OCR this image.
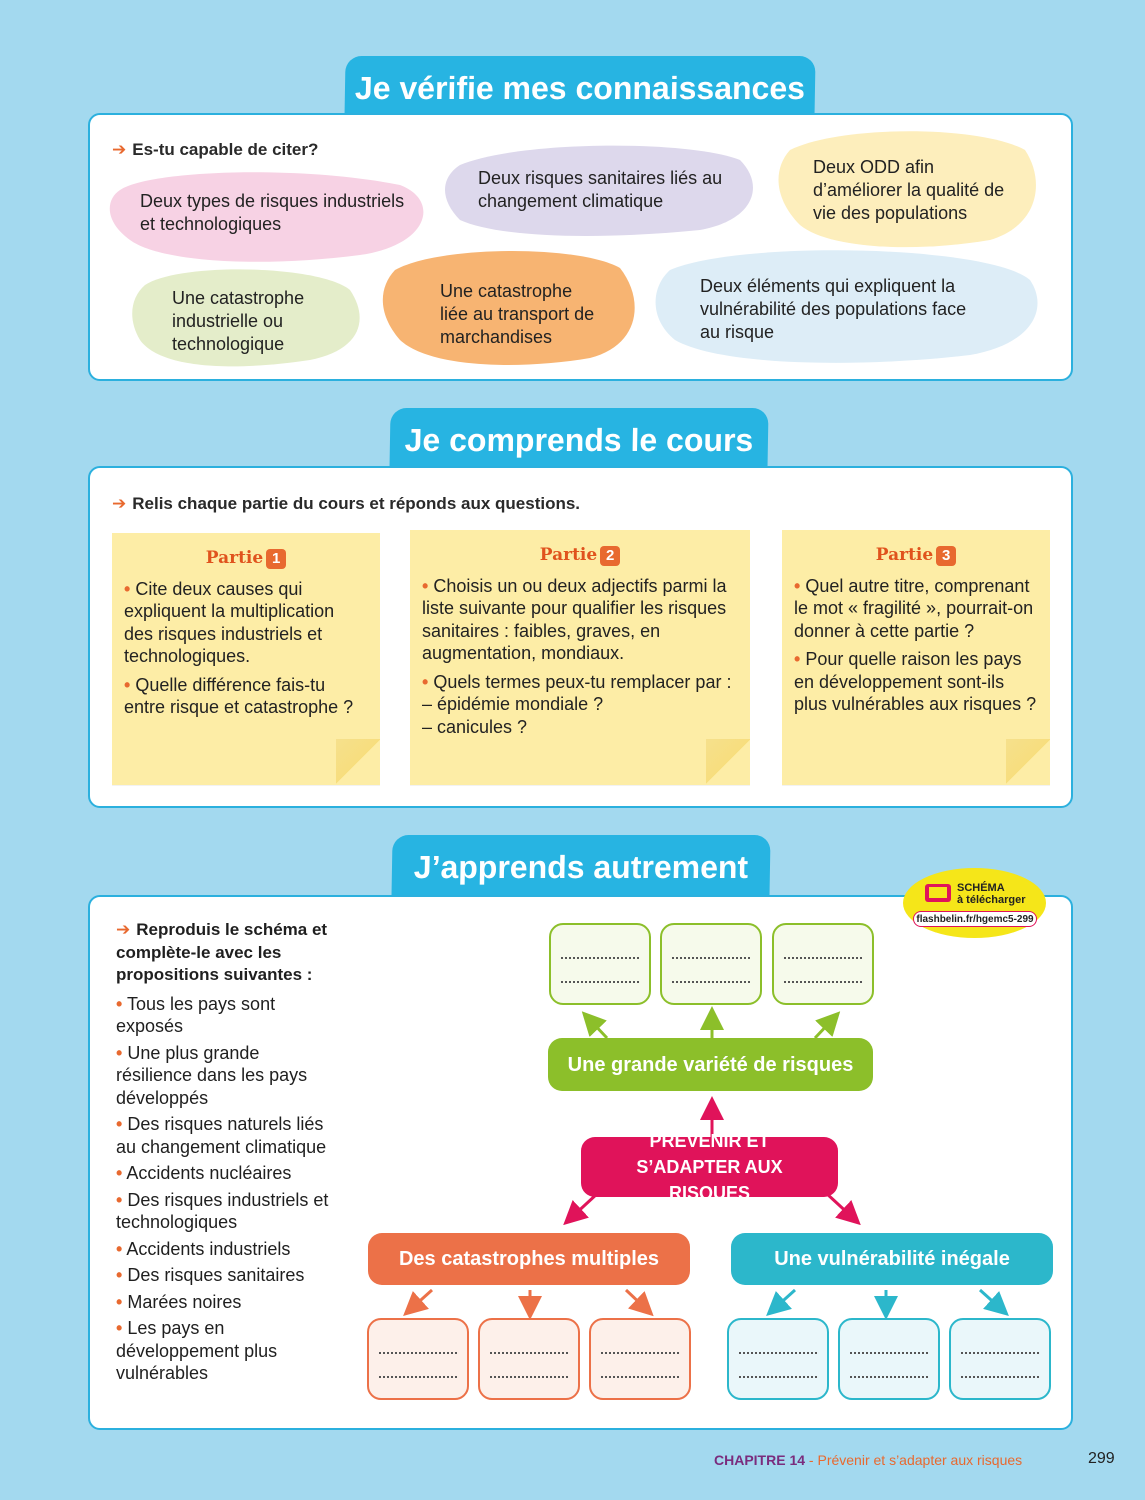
Je vérifie mes connaissances
➔ Es-tu capable de citer?
Deux types de risques industriels et technologiques
Deux risques sanitaires liés au changement climatique
Deux ODD afin d’améliorer la qualité de vie des populations
Une catastrophe industrielle ou technologique
Une catastrophe liée au transport de marchandises
Deux éléments qui expliquent la vulnérabilité des populations face au risque
Je comprends le cours
➔ Relis chaque partie du cours et réponds aux questions.
Partie 1

• Cite deux causes qui expliquent la multiplication des risques industriels et technologiques.

• Quelle différence fais-tu entre risque et catastrophe ?

Partie 2

• Choisis un ou deux adjectifs parmi la liste suivante pour qualifier les risques sanitaires : faibles, graves, en augmentation, mondiaux.

• Quels termes peux-tu remplacer par :

– épidémie mondiale ?
– canicules ?
Partie 3

• Quel autre titre, comprenant le mot « fragilité », pourrait-on donner à cette partie ?

• Pour quelle raison les pays en développement sont-ils plus vulnérables aux risques ?

J’apprends autrement
➔ Reproduis le schéma et complète-le avec les propositions suivantes :
• Tous les pays sont exposés
• Une plus grande résilience dans les pays développés
• Des risques naturels liés au changement climatique
• Accidents nucléaires
• Des risques industriels et technologiques
• Accidents industriels
• Des risques sanitaires
• Marées noires
• Les pays en développement plus vulnérables
SCHÉMA
à télécharger
flashbelin.fr/hgemc5-299
Une grande variété de risques
PRÉVENIR ET S’ADAPTER AUX RISQUES
Des catastrophes multiples	Une vulnérabilité inégale
CHAPITRE 14 - Prévenir et s’adapter aux risques	299
